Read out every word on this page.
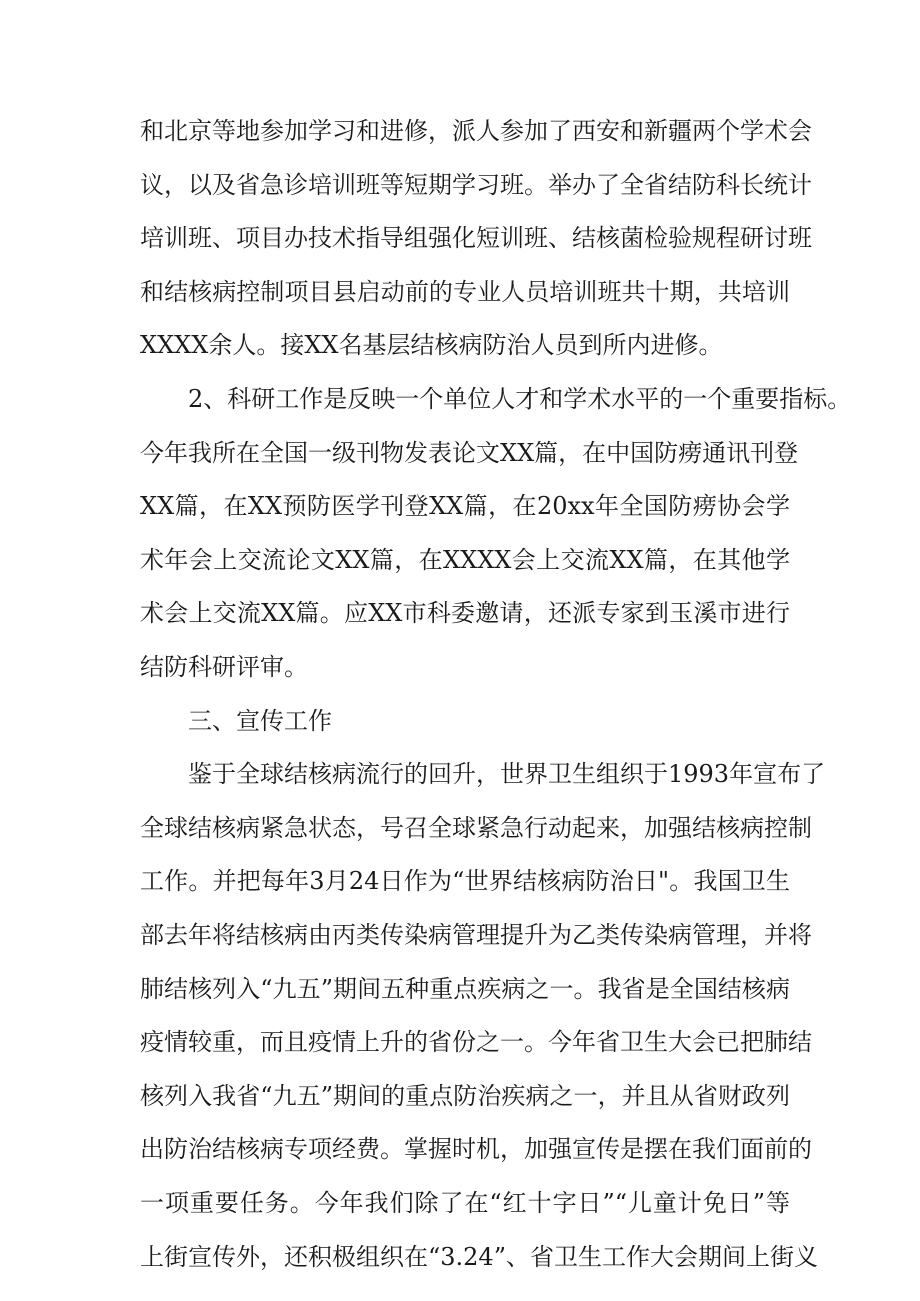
和北京等地参加学习和进修，派人参加了西安和新疆两个学术会
议，以及省急诊培训班等短期学习班。举办了全省结防科长统计
培训班、项目办技术指导组强化短训班、结核菌检验规程研讨班
和结核病控制项目县启动前的专业人员培训班共十期，共培训
XXXX余人。接XX名基层结核病防治人员到所内进修。
2、科研工作是反映一个单位人才和学术水平的一个重要指标。
今年我所在全国一级刊物发表论文XX篇，在中国防痨通讯刊登
XX篇，在XX预防医学刊登XX篇，在20xx年全国防痨协会学
术年会上交流论文XX篇，在XXXX会上交流XX篇，在其他学
术会上交流XX篇。应XX市科委邀请，还派专家到玉溪市进行
结防科研评审。
三、宣传工作
鉴于全球结核病流行的回升，世界卫生组织于1993年宣布了
全球结核病紧急状态，号召全球紧急行动起来，加强结核病控制
工作。并把每年3月24日作为“世界结核病防治日"。我国卫生
部去年将结核病由丙类传染病管理提升为乙类传染病管理，并将
肺结核列入“九五”期间五种重点疾病之一。我省是全国结核病
疫情较重，而且疫情上升的省份之一。今年省卫生大会已把肺结
核列入我省“九五”期间的重点防治疾病之一，并且从省财政列
出防治结核病专项经费。掌握时机，加强宣传是摆在我们面前的
一项重要任务。今年我们除了在“红十字日”“儿童计免日”等
上街宣传外，还积极组织在“3.24”、省卫生工作大会期间上街义
